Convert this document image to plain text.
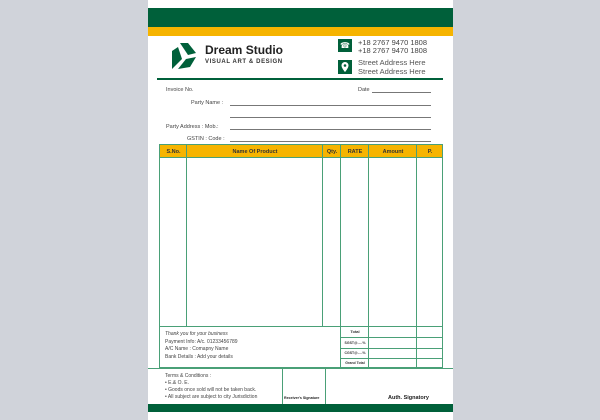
Dream Studio
VISUAL ART & DESIGN
☎ +18 2767 9470 1808
+18 2767 9470 1808
Street Address Here
Street Address Here
Invoice No.	Date
Party Name :
Party Address : Mob.:
GSTIN : Code :
S.No.	Name Of Product	Qty.	RATE	Amount	P.
Total
SGST@.....%
CGST@.....%
Grand Total
Thank you for your business
Payment Info: A/c. 01233456789
A/C Name : Comapny Name
Bank Details : Add your details
Terms & Conditions :
• E.& O. E.
• Goods once sold will not be taken back.
• All subject are subject to city Jurisdiction	Receiver's Signature	Auth. Signatory
